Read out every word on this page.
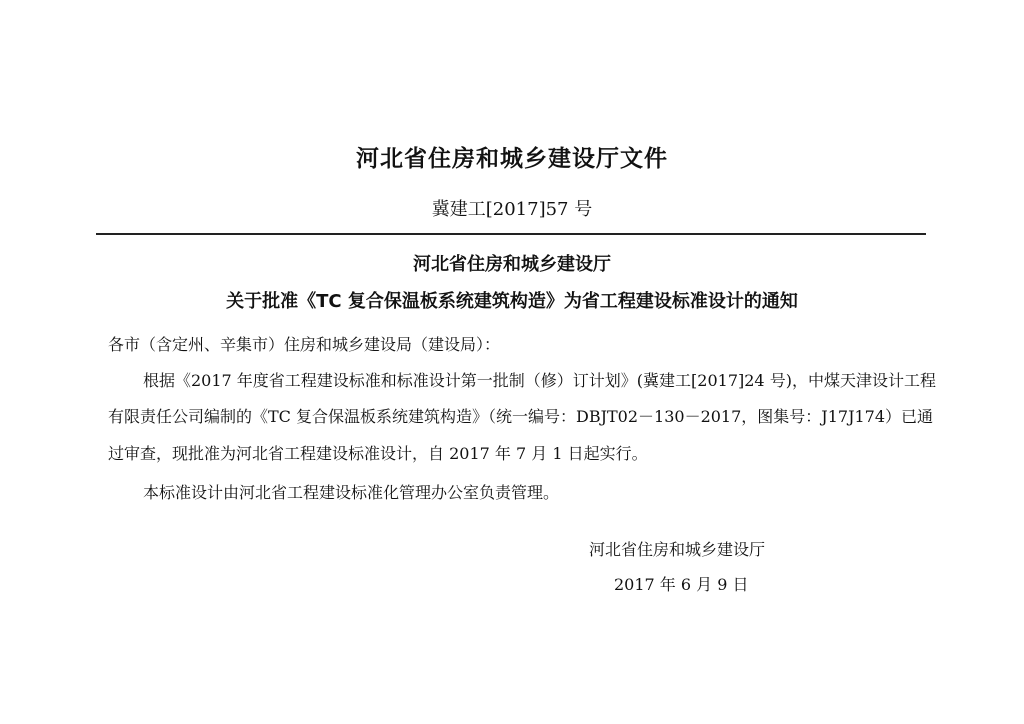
河北省住房和城乡建设厅文件
冀建工[2017]57 号
河北省住房和城乡建设厅
关于批准《TC 复合保温板系统建筑构造》为省工程建设标准设计的通知
各市（含定州、辛集市）住房和城乡建设局（建设局）：
根据《2017 年度省工程建设标准和标准设计第一批制（修）订计划》(冀建工[2017]24 号)，中煤天津设计工程
有限责任公司编制的《TC 复合保温板系统建筑构造》（统一编号：DBJT02－130－2017，图集号：J17J174）已通
过审查，现批准为河北省工程建设标准设计，自 2017 年 7 月 1 日起实行。
本标准设计由河北省工程建设标准化管理办公室负责管理。
河北省住房和城乡建设厅
2017 年 6 月 9 日
